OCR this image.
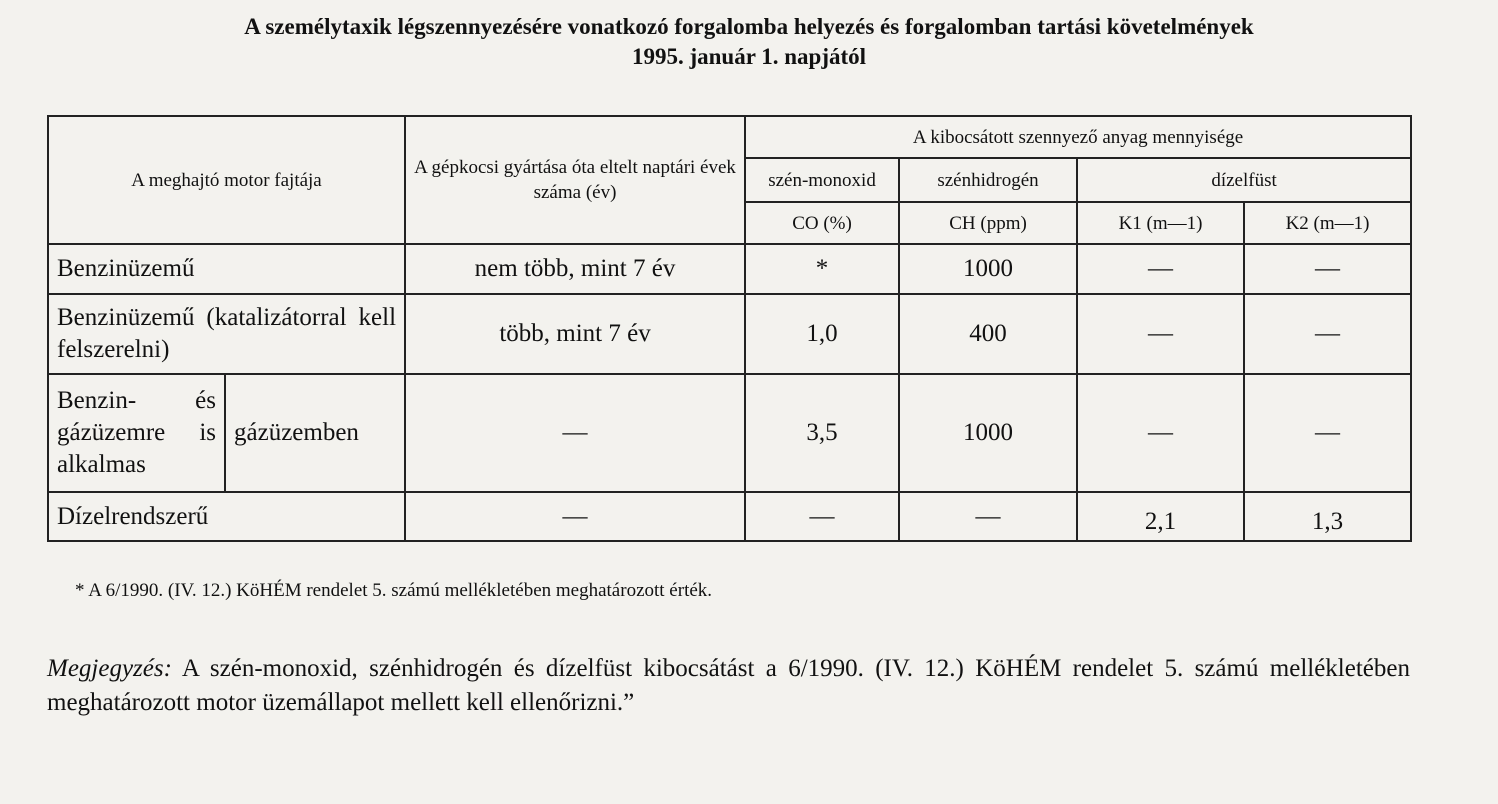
A személytaxik légszennyezésére vonatkozó forgalomba helyezés és forgalomban tartási követelmények
1995. január 1. napjától
A meghajtó motor fajtája		A gépkocsi gyártása óta eltelt naptári évek száma (év)	A kibocsátott szennyező anyag mennyisége			
			szén-monoxid	szénhidrogén	dízelfüst	
			CO (%)	CH (ppm)	K1 (m—1)	K2 (m—1)
Benzinüzemű		nem több, mint 7 év	*	1000	—	—
Benzinüzemű (katalizátorral kell felszerelni)		több, mint 7 év	1,0	400	—	—
Benzin- és gázüzemre is alkalmas	gázüzemben	—	3,5	1000	—	—
Dízelrendszerű		—	—	—	2,1	1,3
* A 6/1990. (IV. 12.) KöHÉM rendelet 5. számú mellékletében meghatározott érték.
Megjegyzés: A szén-monoxid, szénhidrogén és dízelfüst kibocsátást a 6/1990. (IV. 12.) KöHÉM rendelet 5. számú mellékletében meghatározott motor üzemállapot mellett kell ellenőrizni.”
